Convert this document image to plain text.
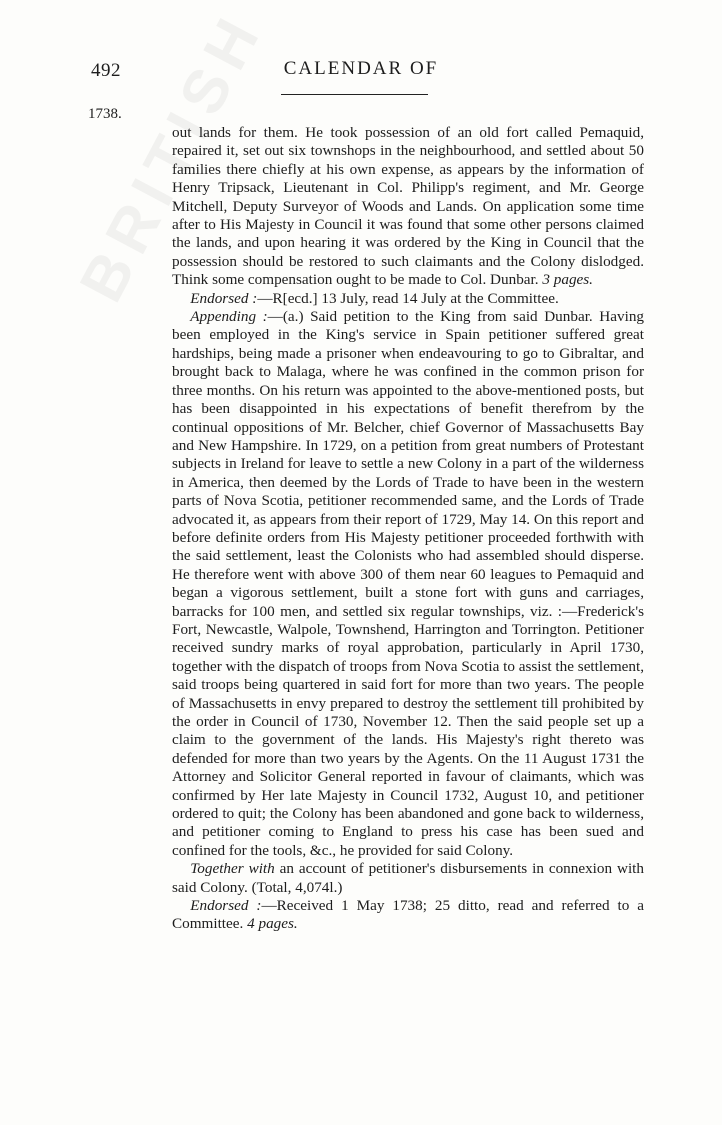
492	CALENDAR OF
1738.

out lands for them. He took possession of an old fort called Pemaquid, repaired it, set out six townshops in the neighbourhood, and settled about 50 families there chiefly at his own expense, as appears by the information of Henry Tripsack, Lieutenant in Col. Philipp's regiment, and Mr. George Mitchell, Deputy Surveyor of Woods and Lands. On application some time after to His Majesty in Council it was found that some other persons claimed the lands, and upon hearing it was ordered by the King in Council that the possession should be restored to such claimants and the Colony dislodged. Think some compensation ought to be made to Col. Dunbar. 3 pages.

Endorsed :—R[ecd.] 13 July, read 14 July at the Committee.

Appending :—(a.) Said petition to the King from said Dunbar. Having been employed in the King's service in Spain petitioner suffered great hardships, being made a prisoner when endeavouring to go to Gibraltar, and brought back to Malaga, where he was confined in the common prison for three months. On his return was appointed to the above-mentioned posts, but has been disappointed in his expectations of benefit therefrom by the continual oppositions of Mr. Belcher, chief Governor of Massachusetts Bay and New Hampshire. In 1729, on a petition from great numbers of Protestant subjects in Ireland for leave to settle a new Colony in a part of the wilderness in America, then deemed by the Lords of Trade to have been in the western parts of Nova Scotia, petitioner recommended same, and the Lords of Trade advocated it, as appears from their report of 1729, May 14. On this report and before definite orders from His Majesty petitioner proceeded forthwith with the said settlement, least the Colonists who had assembled should disperse. He therefore went with above 300 of them near 60 leagues to Pemaquid and began a vigorous settlement, built a stone fort with guns and carriages, barracks for 100 men, and settled six regular townships, viz. :—Frederick's Fort, Newcastle, Walpole, Townshend, Harrington and Torrington. Petitioner received sundry marks of royal approbation, particularly in April 1730, together with the dispatch of troops from Nova Scotia to assist the settlement, said troops being quartered in said fort for more than two years. The people of Massachusetts in envy prepared to destroy the settlement till prohibited by the order in Council of 1730, November 12. Then the said people set up a claim to the government of the lands. His Majesty's right thereto was defended for more than two years by the Agents. On the 11 August 1731 the Attorney and Solicitor General reported in favour of claimants, which was confirmed by Her late Majesty in Council 1732, August 10, and petitioner ordered to quit; the Colony has been abandoned and gone back to wilderness, and petitioner coming to England to press his case has been sued and confined for the tools, &c., he provided for said Colony.

Together with an account of petitioner's disbursements in connexion with said Colony. (Total, 4,074l.)

Endorsed :—Received 1 May 1738; 25 ditto, read and referred to a Committee. 4 pages.
